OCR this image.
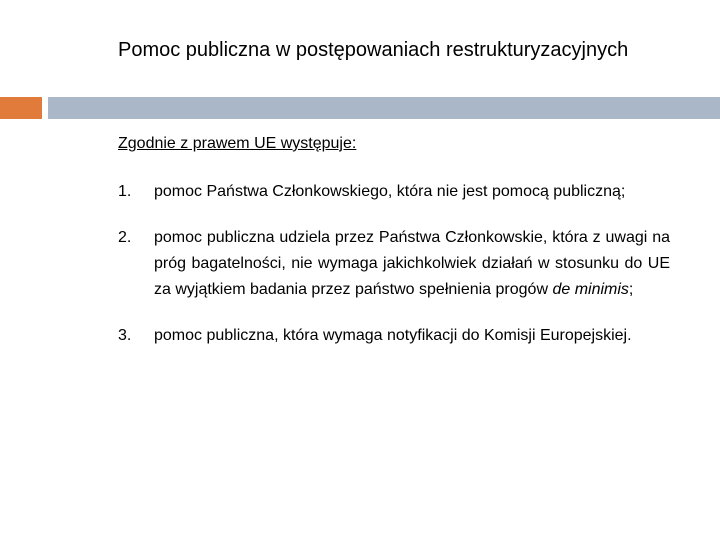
Pomoc publiczna w postępowaniach restrukturyzacyjnych

Zgodnie z prawem UE występuje:

1. pomoc Państwa Członkowskiego, która nie jest pomocą publiczną;
2. pomoc publiczna udziela przez Państwa Członkowskie, która z uwagi na próg bagatelności, nie wymaga jakichkolwiek działań w stosunku do UE za wyjątkiem badania przez państwo spełnienia progów de minimis;
3. pomoc publiczna, która wymaga notyfikacji do Komisji Europejskiej.
